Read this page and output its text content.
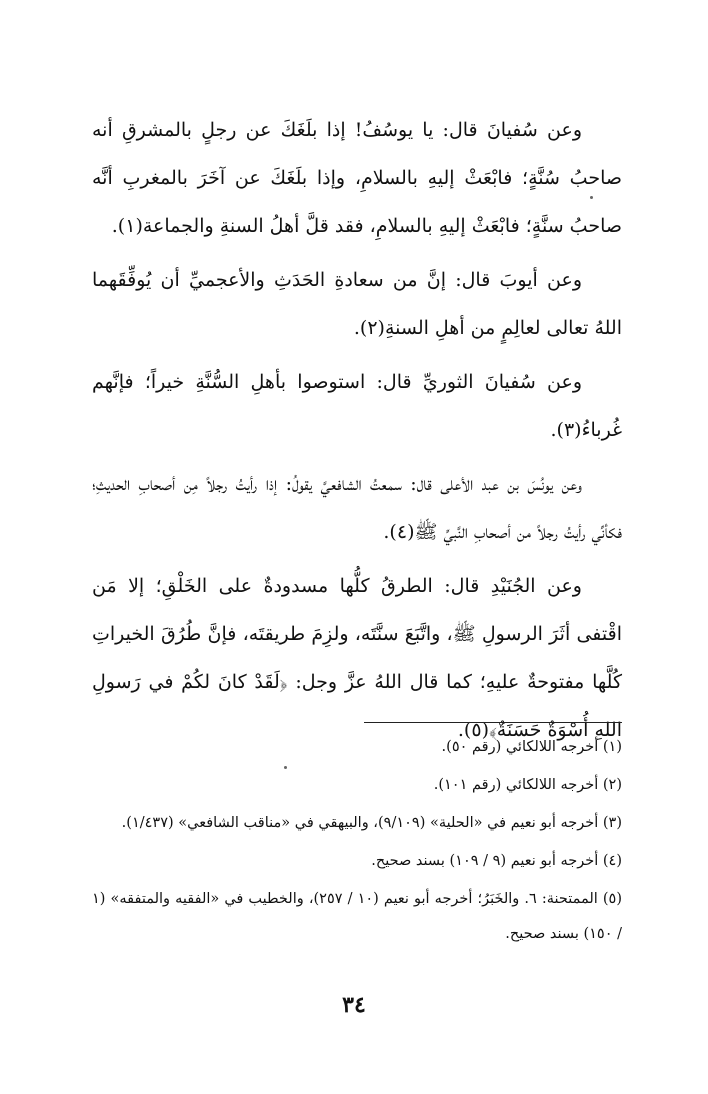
وعن سُفيانَ قال: يا يوسُفُ! إذا بلَغَكَ عن رجلٍ بالمشرقِ أنه صاحبُ سُنَّةٍ؛ فابْعَثْ إليهِ بالسلامِ، وإذا بلَغَكَ عن آخَرَ بالمغربِ أنَّه صاحبُ سنَّةٍ؛ فابْعَثْ إليهِ بالسلامِ، فقد قلَّ أهلُ السنةِ والجماعة(١).

وعن أيوبَ قال: إنَّ من سعادةِ الحَدَثِ والأعجميِّ أن يُوفِّقَهما اللهُ تعالى لعالِمٍ من أهلِ السنةِ(٢).

وعن سُفيانَ الثوريِّ قال: استوصوا بأهلِ السُّنَّةِ خيراً؛ فإنَّهم غُرباءُ(٣).

وعن يونُسَ بن عبد الأعلى قال: سمعتُ الشافعيَّ يقولُ: إذا رأيتُ رجلاً مِن أصحابِ الحديثِ؛ فكأنِّي رأيتُ رجلاً من أصحابِ النَّبيِّ ﷺ(٤).

وعن الجُنَيْدِ قال: الطرقُ كلُّها مسدودةٌ على الخَلْقِ؛ إلا مَن اقْتفى أثَرَ الرسولِ ﷺ، واتَّبَعَ سنَّتَه، ولزِمَ طريقتَه، فإنَّ طُرُقَ الخيراتِ كُلَّها مفتوحةٌ عليهِ؛ كما قال اللهُ عزَّ وجل: ﴿لَقَدْ كانَ لكُمْ في رَسولِ اللهِ أُسْوَةٌ حَسَنَةٌ﴾(٥).

(١) أخرجه اللالكائي (رقم ٥٠).

(٢) أخرجه اللالكائي (رقم ١٠١).

(٣) أخرجه أبو نعيم في «الحلية» (٩/١٠٩)، والبيهقي في «مناقب الشافعي» (١/٤٣٧).

(٤) أخرجه أبو نعيم (٩ / ١٠٩) بسند صحيح.

(٥) الممتحنة: ٦. والخَبَرُ؛ أخرجه أبو نعيم (١٠ / ٢٥٧)، والخطيب في «الفقيه والمتفقه» (١ / ١٥٠) بسند صحيح.

٣٤
